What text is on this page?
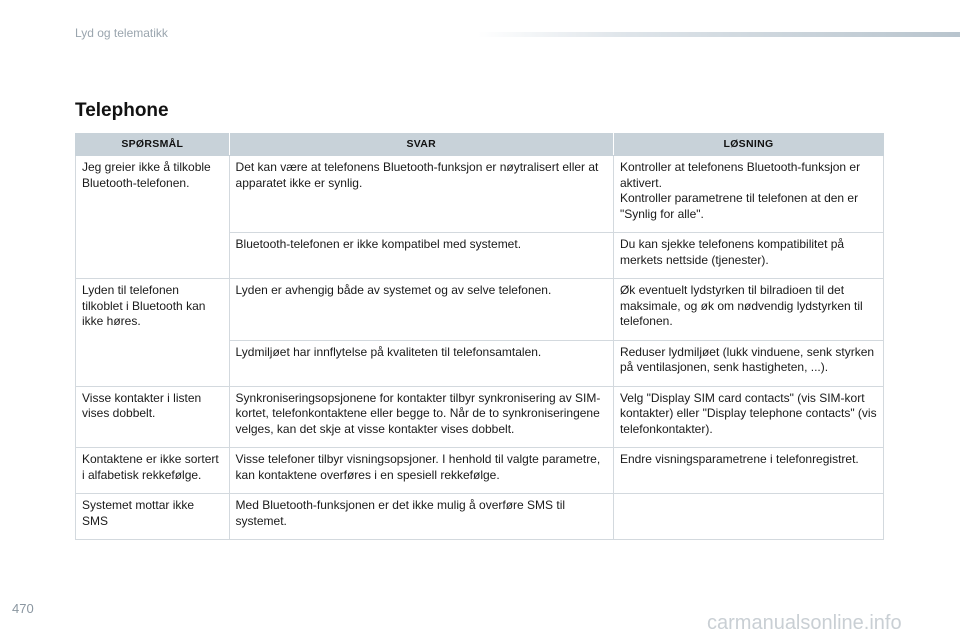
Lyd og telematikk
Telephone
SPØRSMÅL	SVAR	LØSNING
Jeg greier ikke å tilkoble Bluetooth-telefonen.	Det kan være at telefonens Bluetooth-funksjon er nøytralisert eller at apparatet ikke er synlig.	Kontroller at telefonens Bluetooth-funksjon er aktivert.
Kontroller parametrene til telefonen at den er "Synlig for alle".
	Bluetooth-telefonen er ikke kompatibel med systemet.	Du kan sjekke telefonens kompatibilitet på merkets nettside (tjenester).
Lyden til telefonen tilkoblet i Bluetooth kan ikke høres.	Lyden er avhengig både av systemet og av selve telefonen.	Øk eventuelt lydstyrken til bilradioen til det maksimale, og øk om nødvendig lydstyrken til telefonen.
	Lydmiljøet har innflytelse på kvaliteten til telefonsamtalen.	Reduser lydmiljøet (lukk vinduene, senk styrken på ventilasjonen, senk hastigheten, ...).
Visse kontakter i listen vises dobbelt.	Synkroniseringsopsjonene for kontakter tilbyr synkronisering av SIM-kortet, telefonkontaktene eller begge to. Når de to synkroniseringene velges, kan det skje at visse kontakter vises dobbelt.	Velg "Display SIM card contacts" (vis SIM-kort kontakter) eller "Display telephone contacts" (vis telefonkontakter).
Kontaktene er ikke sortert i alfabetisk rekkefølge.	Visse telefoner tilbyr visningsopsjoner. I henhold til valgte parametre, kan kontaktene overføres i en spesiell rekkefølge.	Endre visningsparametrene i telefonregistret.
Systemet mottar ikke SMS	Med Bluetooth-funksjonen er det ikke mulig å overføre SMS til systemet.	
470
carmanualsonline.info
